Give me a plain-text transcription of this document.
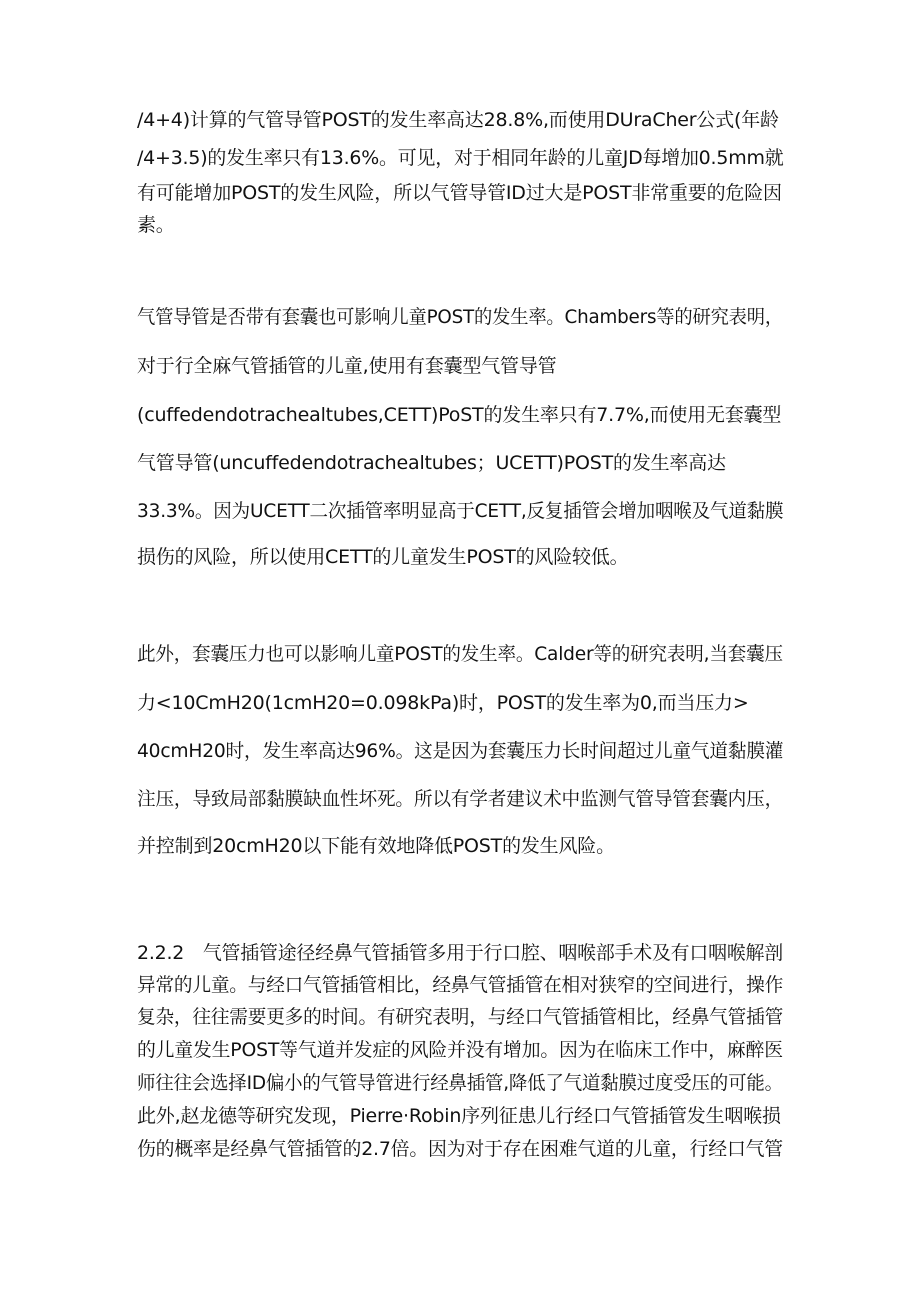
/4+4)计算的气管导管POST的发生率高达28.8%,而使用DUraCher公式(年龄
/4+3.5)的发生率只有13.6%。可见，对于相同年龄的儿童JD每增加0.5mm就
有可能增加POST的发生风险，所以气管导管ID过大是POST非常重要的危险因
素。
气管导管是否带有套囊也可影响儿童POST的发生率。Chambers等的研究表明，
对于行全麻气管插管的儿童,使用有套囊型气管导管
(cuffedendotrachealtubes,CETT)PoST的发生率只有7.7%,而使用无套囊型
气管导管(uncuffedendotrachealtubes；UCETT)POST的发生率高达
33.3%。因为UCETT二次插管率明显高于CETT,反复插管会增加咽喉及气道黏膜
损伤的风险，所以使用CETT的儿童发生POST的风险较低。
此外，套囊压力也可以影响儿童POST的发生率。Calder等的研究表明,当套囊压
力<10CmH20(1cmH20=0.098kPa)时，POST的发生率为0,而当压力>
40cmH20时，发生率高达96%。这是因为套囊压力长时间超过儿童气道黏膜灌
注压，导致局部黏膜缺血性坏死。所以有学者建议术中监测气管导管套囊内压，
并控制到20cmH20以下能有效地降低POST的发生风险。
2.2.2　气管插管途径经鼻气管插管多用于行口腔、咽喉部手术及有口咽喉解剖
异常的儿童。与经口气管插管相比，经鼻气管插管在相对狭窄的空间进行，操作
复杂，往往需要更多的时间。有研究表明，与经口气管插管相比，经鼻气管插管
的儿童发生POST等气道并发症的风险并没有增加。因为在临床工作中，麻醉医
师往往会选择ID偏小的气管导管进行经鼻插管,降低了气道黏膜过度受压的可能。
此外,赵龙德等研究发现，Pierre·Robin序列征患儿行经口气管插管发生咽喉损
伤的概率是经鼻气管插管的2.7倍。因为对于存在困难气道的儿童，行经口气管
